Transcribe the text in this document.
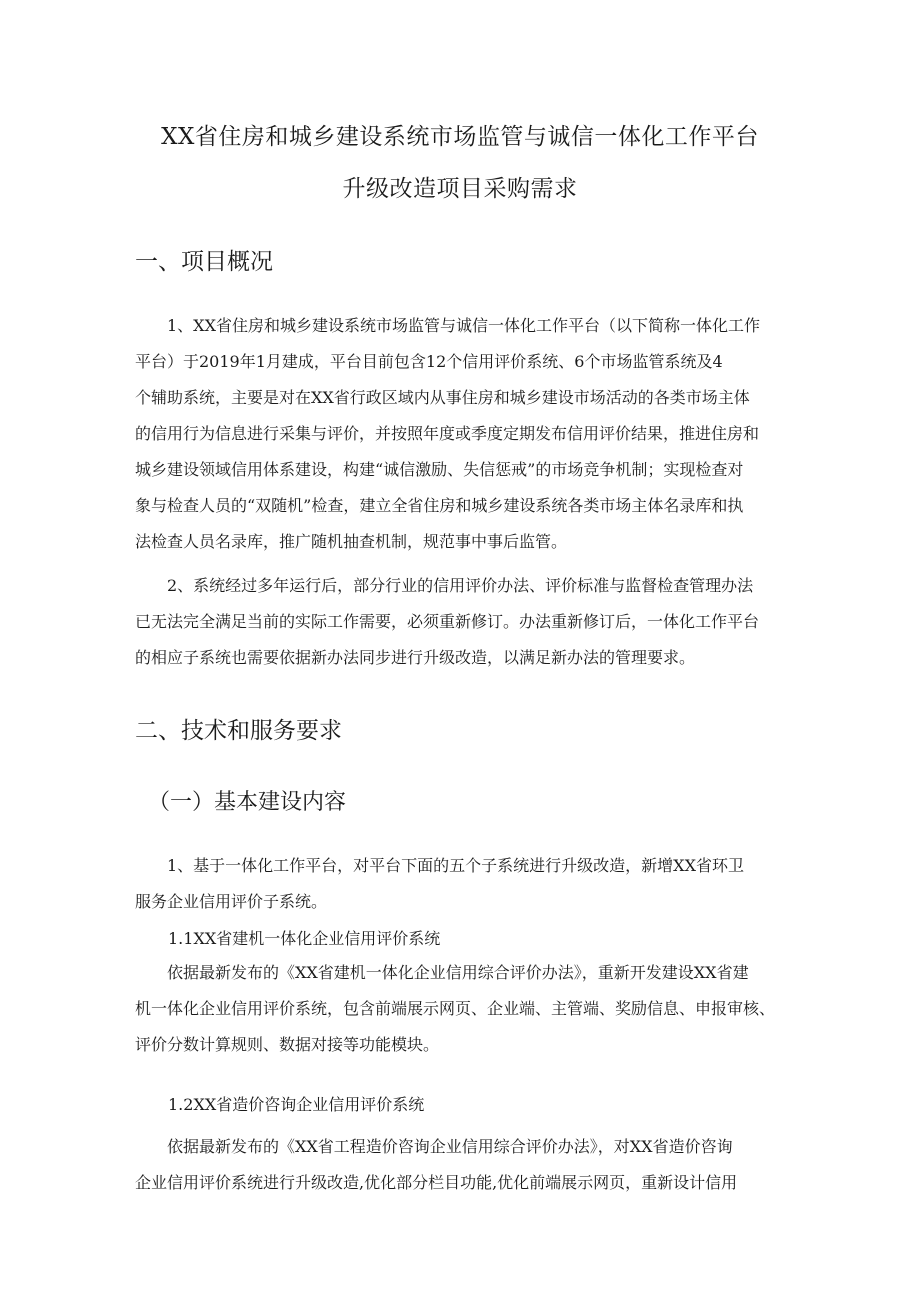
XX省住房和城乡建设系统市场监管与诚信一体化工作平台
升级改造项目采购需求
一、项目概况
1、XX省住房和城乡建设系统市场监管与诚信一体化工作平台（以下简称一体化工作
平台）于2019年1月建成，平台目前包含12个信用评价系统、6个市场监管系统及4
个辅助系统，主要是对在XX省行政区域内从事住房和城乡建设市场活动的各类市场主体
的信用行为信息进行采集与评价，并按照年度或季度定期发布信用评价结果，推进住房和
城乡建设领域信用体系建设，构建“诚信激励、失信惩戒”的市场竞争机制；实现检查对
象与检查人员的“双随机”检查，建立全省住房和城乡建设系统各类市场主体名录库和执
法检查人员名录库，推广随机抽查机制，规范事中事后监管。
2、系统经过多年运行后，部分行业的信用评价办法、评价标准与监督检查管理办法
已无法完全满足当前的实际工作需要，必须重新修订。办法重新修订后，一体化工作平台
的相应子系统也需要依据新办法同步进行升级改造，以满足新办法的管理要求。
二、技术和服务要求
（一）基本建设内容
1、基于一体化工作平台，对平台下面的五个子系统进行升级改造，新增XX省环卫
服务企业信用评价子系统。
1.1XX省建机一体化企业信用评价系统
依据最新发布的《XX省建机一体化企业信用综合评价办法》，重新开发建设XX省建
机一体化企业信用评价系统，包含前端展示网页、企业端、主管端、奖励信息、申报审核、
评价分数计算规则、数据对接等功能模块。
1.2XX省造价咨询企业信用评价系统
依据最新发布的《XX省工程造价咨询企业信用综合评价办法》，对XX省造价咨询
企业信用评价系统进行升级改造,优化部分栏目功能,优化前端展示网页，重新设计信用
